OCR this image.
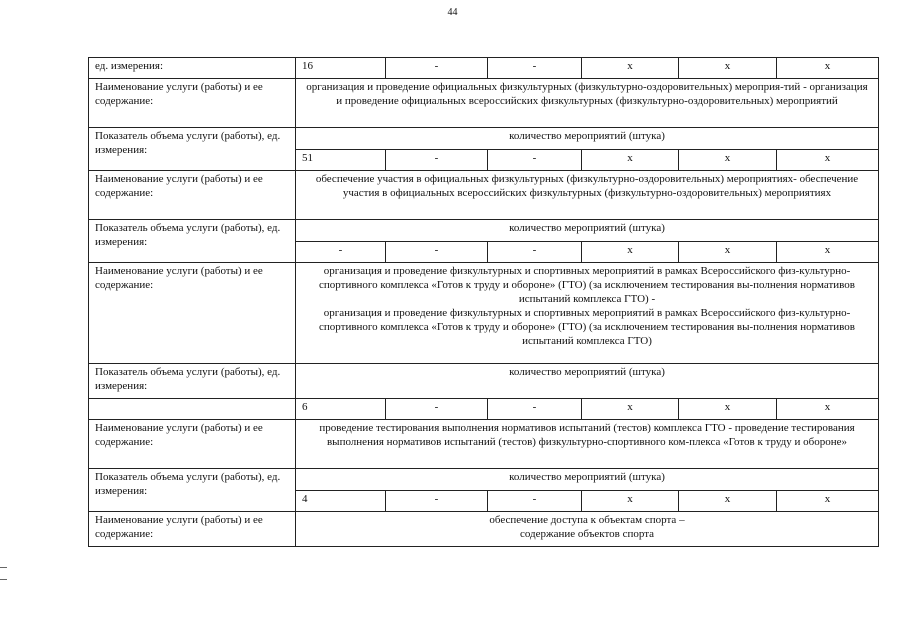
44
ед. измерения:	16	-	-	х	х	х
Наименование услуги (работы) и ее содержание:	организация и проведение официальных физкультурных (физкультурно-оздоровительных) мероприя-тий - организация и проведение официальных всероссийских физкультурных (физкультурно-оздоровительных) мероприятий					
Показатель объема услуги (работы), ед. измерения:	количество мероприятий (штука)					
	51	-	-	х	х	х
Наименование услуги (работы) и ее содержание:	обеспечение участия в официальных физкультурных (физкультурно-оздоровительных) мероприятиях- обеспечение участия в официальных всероссийских физкультурных (физкультурно-оздоровительных) мероприятиях					
Показатель объема услуги (работы), ед. измерения:	количество мероприятий (штука)					
	-	-	-	х	х	х
Наименование услуги (работы) и ее содержание:	организация и проведение физкультурных и спортивных мероприятий в рамках Всероссийского физ-культурно-спортивного комплекса «Готов к труду и обороне» (ГТО) (за исключением тестирования вы-полнения нормативов испытаний комплекса ГТО) -
организация и проведение физкультурных и спортивных мероприятий в рамках Всероссийского физ-культурно-спортивного комплекса «Готов к труду и обороне» (ГТО) (за исключением тестирования вы-полнения нормативов испытаний комплекса ГТО)					

Показатель объема услуги (работы), ед. измерения:	количество мероприятий (штука)					
	6	-	-	х	х	х
Наименование услуги (работы) и ее содержание:	проведение тестирования выполнения нормативов испытаний (тестов) комплекса ГТО - проведение тестирования выполнения нормативов испытаний (тестов) физкультурно-спортивного ком-плекса «Готов к труду и обороне»					
Показатель объема услуги (работы), ед. измерения:	количество мероприятий (штука)					
	4	-	-	х	х	х
Наименование услуги (работы) и ее содержание:	обеспечение доступа к объектам спорта –
содержание объектов спорта					
